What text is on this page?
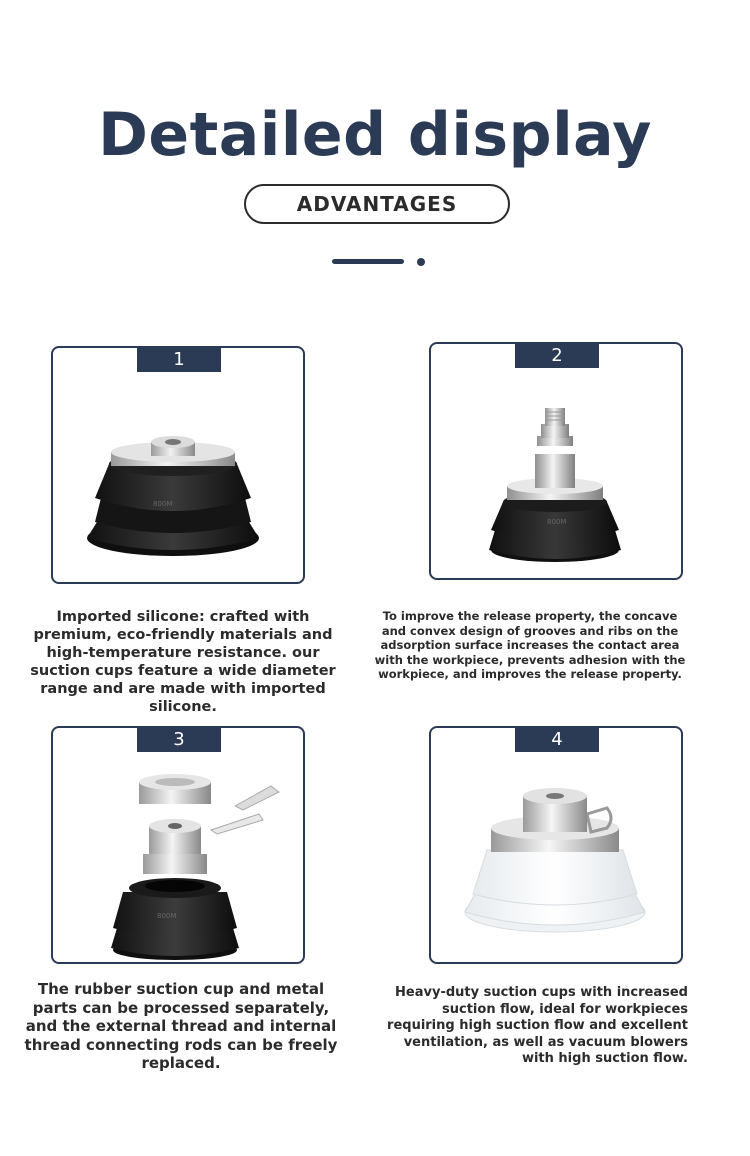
Detailed display
ADVANTAGES
800M
1
800M
2

Imported silicone: crafted with premium, eco-friendly materials and high-temperature resistance. our suction cups feature a wide diameter range and are made with imported silicone.

To improve the release property, the concave and convex design of grooves and ribs on the adsorption surface increases the contact area with the workpiece, prevents adhesion with the workpiece, and improves the release property.

800M
3	4

The rubber suction cup and metal parts can be processed separately, and the external thread and internal thread connecting rods can be freely replaced.

Heavy-duty suction cups with increased suction flow, ideal for workpieces requiring high suction flow and excellent ventilation, as well as vacuum blowers with high suction flow.
